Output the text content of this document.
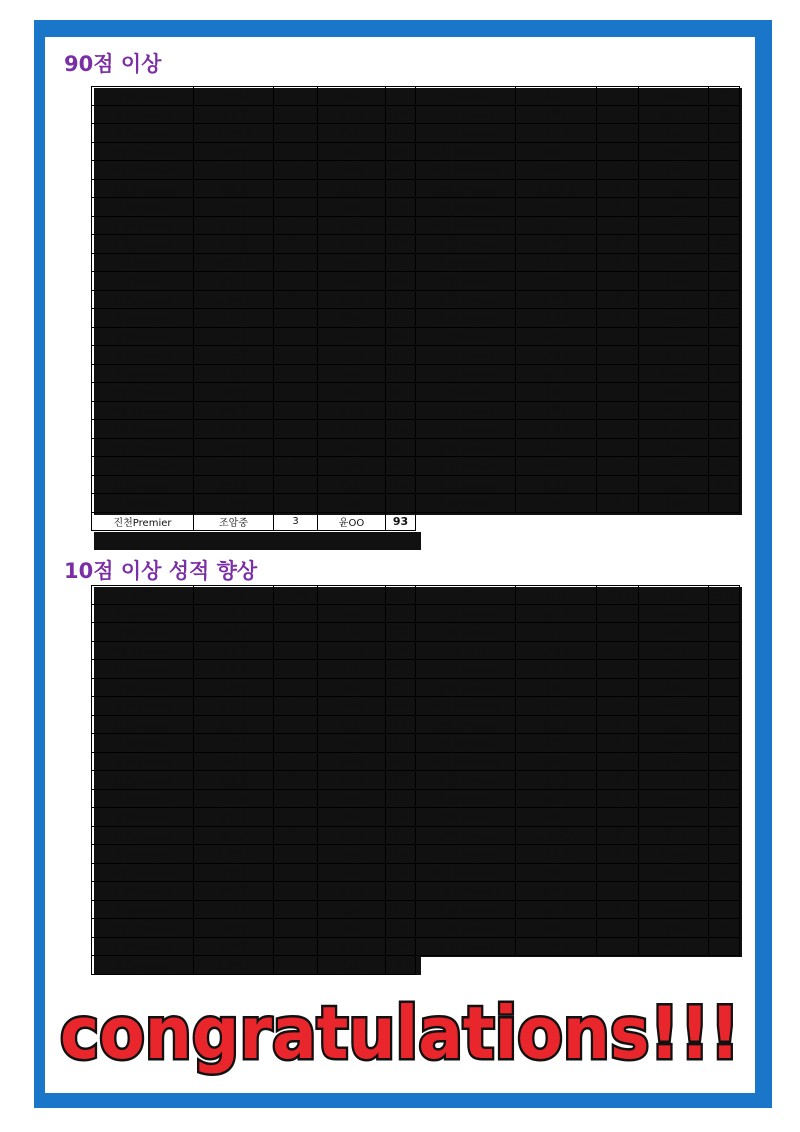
90점 이상
상인Premier	효성여고	3	김OO	94.2	상인Able	대진중	2	김OO	92
상인Premier	달성중	3	장OO	94	상인Premier	대진고	3	배OO	92
상인Premier	송현여중	3	김OO	94	상인Premier	영남중	3	박OO	92
신월성Premier	월암중	2	김OO	94	신월성Premier	조암중	2	이OO	92
신월성Premier	월암중	2	이OO	94	신월성Premier	학산중	2	박OO	92
신월성Premier	대건중	1	신OO	94	신월성Premier	송현여중	2	이OO	92
진천Premier	월서중	2	장OO	94	신월성Premier	학산중	3	김OO	92
진천Premier	조암중	3	김OO	94	신월성Premier	월서중	3	김OO	92
진천Premier	월서중	1	서OO	94	진천Premier	조암중	3	이OO	92
상인Able	경일여중	1	박OO	93	진천Premier	대진중	1	손OO	92
상인Able	상원중	2	조OO	93	진천Premier	월서중	2	배OO	92
상인Premier	효성여고	1	강OO	93	진천Premier	조암중	1	남OO	92
상인Premier	도원고	1	백OO	93	진천Premier	대진중	1	한OO	92
상인Premier	대진중	3	조OO	93	상인Able	도원중	1	손OO	91
상인Premier	다산중	3	이OO	93	상인Premier	상원중	3	제OO	91
상인Premier	도원중	3	이OO	93	상인Premier	월배중	3	황OO	91
신월성Premier	월암중	3	임OO	93	상인Able	영남중	2	조OO	90
신월성Premier	영남중	3	조OO	93	상인Premier	대진고	1	이OO	90
신월성Premier	월암중	2	이OO	93	상인Premier	도원중	3	정OO	90
신월성Premier	월암중	1	김OO	93	상인Premier	대진중	3	방OO	90
신월성Premier	월암중	1	백OO	93	진천Premier	조암중	1	조OO	90
진천Premier	영남중	3	김OO	93	진천Premier	월서중	3	한OO	90
진천Premier	조암중	1	배OO	93	진천Premier	조암중	3	배OO	90
진천Premier	조암중	3	윤OO	93					
10점 이상 성적 향상
분원	학교	학년	이름	증가	분원	학교	학년	이름	증가
상인Premier	대곡고	1	강OO	38	상인Premier	월배중	3	이OO	13
상인Premier	영남중	3	우OO	26	진천Premier	월서중	1	정OO	13
신월성Premier	대곡중	3	이OO	24	상인Able	상원중	2	이OO	12
진천Premier	조암중	1	오OO	24	상인Premier	조암중	3	김OO	12
진천Premier	조암중	1	이OO	23	상인Premier	영남중	3	박OO	12
상인Premier	조암중	3	서OO	19	신월성Premier	대건중	3	이OO	12
진천Premier	월서중	3	박OO	19	신월성Premier	월암중	2	김OO	11
상인Premier	대진고	3	김OO	17	신월성Premier	대건중	3	신OO	11
상인Premier	영남중	3	정OO	17	신월성Premier	월암중	3	박OO	11
상인Premier	상원중	3	신OO	16	진천Premier	영남중	3	김OO	11
진천Premier	대진중	1	손OO	16	진천Premier	월서중	3	한OO	11
상인Premier	상원중	3	안OO	15	상인Premier	조암중	3	김OO	10
상인Premier	대진고	3	이OO	15	상인Premier	효성여고	1	박OO	10
상인Premier	대구외고	1	서OO	15	상인Premier	대곡고	2	황OO	10
신월성Premier	월암중	2	이OO	15	신월성Premier	월암중	3	박OO	10
진천Premier	월암중	3	장OO	15	신월성Premier	월암중	3	강OO	10
상인Premier	대진고	3	배OO	14	진천Premier	월서중	1	서OO	10
신월성Premier	월암중	3	박OO	14	진천Premier	조암중	3	배OO	10
진천Premier	월서중	3	조OO	14	진천Premier	조암중	2	이OO	10
상인Premier	경일여고	3	조OO	13.2					
congratulations!!!
